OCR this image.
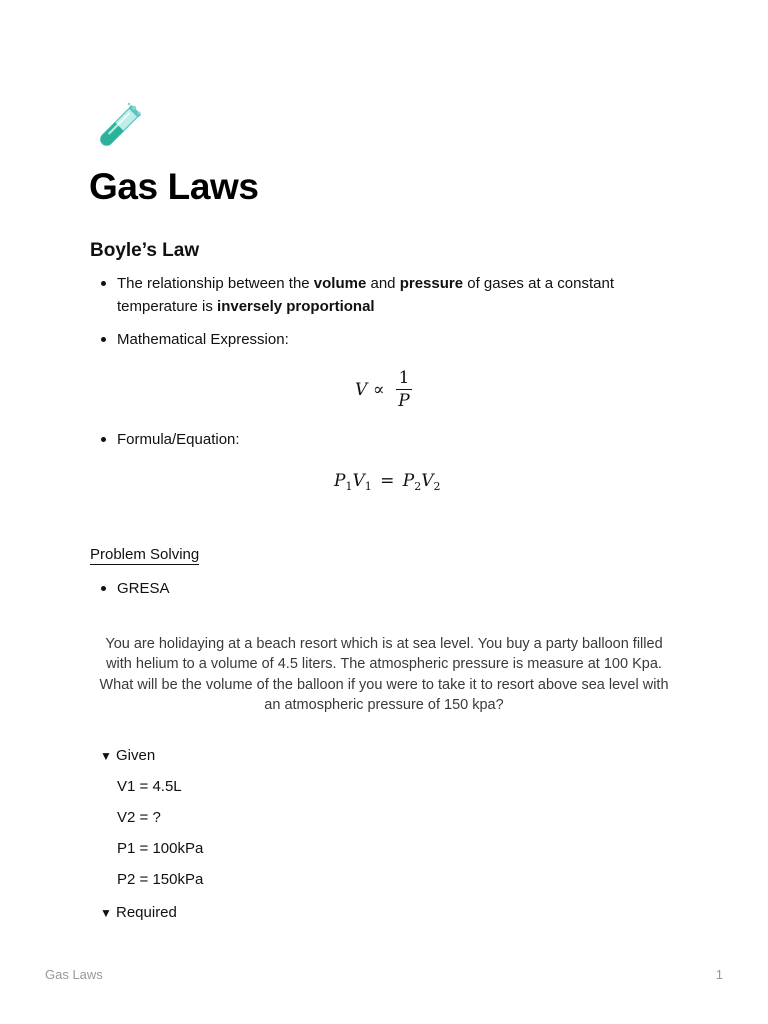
Gas Laws
Boyle’s Law
The relationship between the volume and pressure of gases at a constant
temperature is inversely proportional
Mathematical Expression:
V ∝
1
P
Formula/Equation:
$P_1V_1 = P_2V_2$
Problem Solving
GRESA
You are holidaying at a beach resort which is at sea level. You buy a party balloon filled
with helium to a volume of 4.5 liters. The atmospheric pressure is measure at 100 Kpa.
What will be the volume of the balloon if you were to take it to resort above sea level with
an atmospheric pressure of 150 kpa?
▼ Given
V1 = 4.5L
V2 = ?
P1 = 100kPa
P2 = 150kPa
▼ Required
Gas Laws	1
